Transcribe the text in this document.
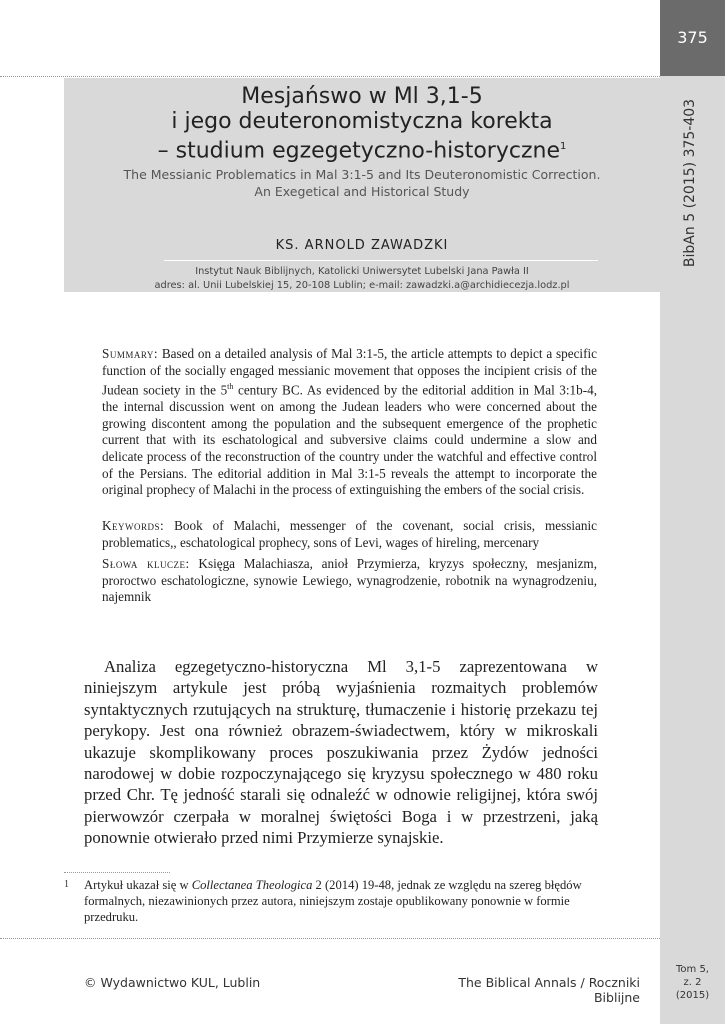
375
BibAn 5 (2015) 375-403
Tom 5,
z. 2
(2015)
Mesjańswo w Ml 3,1-5
i jego deuteronomistyczna korekta
– studium egzegetyczno-historyczne$^1$
The Messianic Problematics in Mal 3:1-5 and Its Deuteronomistic Correction.
An Exegetical and Historical Study
KS. ARNOLD ZAWADZKI
Instytut Nauk Biblijnych, Katolicki Uniwersytet Lubelski Jana Pawła II
adres: al. Unii Lubelskiej 15, 20-108 Lublin; e-mail: zawadzki.a@archidiecezja.lodz.pl

Summary: Based on a detailed analysis of Mal 3:1-5, the article attempts to depict a specific function of the socially engaged messianic movement that opposes the incipient crisis of the Judean society in the 5th century BC. As evidenced by the editorial addition in Mal 3:1b-4, the internal discussion went on among the Judean leaders who were concerned about the growing discontent among the population and the subsequent emergence of the prophetic current that with its eschatological and subversive claims could undermine a slow and delicate process of the reconstruction of the country under the watchful and effective control of the Persians. The editorial addition in Mal 3:1-5 reveals the attempt to incorporate the original prophecy of Malachi in the process of extinguishing the embers of the social crisis.

Keywords: Book of Malachi, messenger of the covenant, social crisis, messianic problematics,, eschatological prophecy, sons of Levi, wages of hireling, mercenary

Słowa klucze: Księga Malachiasza, anioł Przymierza, kryzys społeczny, mesjanizm, proroctwo eschatologiczne, synowie Lewiego, wynagrodzenie, robotnik na wynagrodzeniu, najemnik

Analiza egzegetyczno-historyczna Ml 3,1-5 zaprezentowana w niniejszym artykule jest próbą wyjaśnienia rozmaitych problemów syntaktycznych rzutujących na strukturę, tłumaczenie i historię przekazu tej perykopy. Jest ona również obrazem-świadectwem, który w mikroskali ukazuje skomplikowany proces poszukiwania przez Żydów jedności narodowej w dobie rozpoczynającego się kryzysu społecznego w 480 roku przed Chr. Tę jedność starali się odnaleźć w odnowie religijnej, która swój pierwowzór czerpała w moralnej świętości Boga i w przestrzeni, jaką ponownie otwierało przed nimi Przymierze synajskie.

1 Artykuł ukazał się w Collectanea Theologica 2 (2014) 19-48, jednak ze względu na szereg błędów formalnych, niezawinionych przez autora, niniejszym zostaje opublikowany ponownie w formie przedruku.

© Wydawnictwo KUL, Lublin	The Biblical Annals / Roczniki Biblijne
